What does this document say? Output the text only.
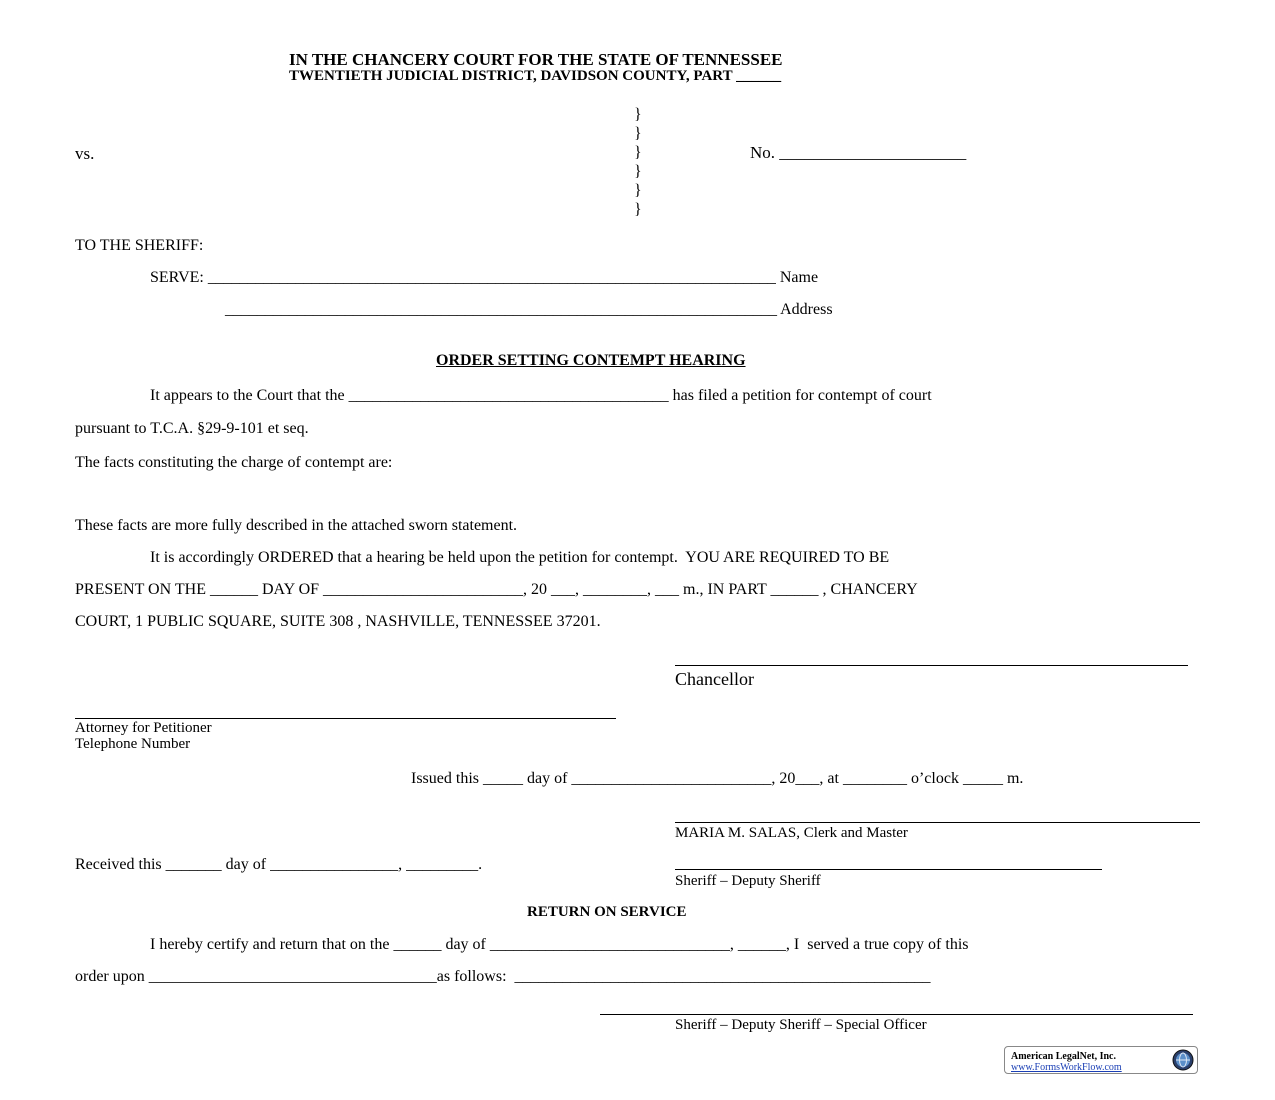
IN THE CHANCERY COURT FOR THE STATE OF TENNESSEE
TWENTIETH JUDICIAL DISTRICT, DAVIDSON COUNTY, PART ______
}
}
}
}
}
}
vs.	No. ______________________
TO THE SHERIFF:
SERVE: _______________________________________________________________________ Name
_____________________________________________________________________ Address
ORDER SETTING CONTEMPT HEARING
It appears to the Court that the ________________________________________ has filed a petition for contempt of court
pursuant to T.C.A. §29-9-101 et seq.
The facts constituting the charge of contempt are:
These facts are more fully described in the attached sworn statement.
It is accordingly ORDERED that a hearing be held upon the petition for contempt.  YOU ARE REQUIRED TO BE
PRESENT ON THE ______ DAY OF _________________________, 20 ___, ________, ___ m., IN PART ______ , CHANCERY
COURT, 1 PUBLIC SQUARE, SUITE 308 , NASHVILLE, TENNESSEE 37201.
Chancellor
Attorney for Petitioner
Telephone Number
Issued this _____ day of _________________________, 20___, at ________ o’clock _____ m.
MARIA M. SALAS, Clerk and Master
Received this _______ day of ________________, _________.
Sheriff – Deputy Sheriff
RETURN ON SERVICE
I hereby certify and return that on the ______ day of ______________________________, ______, I  served a true copy of this
order upon ____________________________________as follows:  ____________________________________________________
Sheriff – Deputy Sheriff – Special Officer
American LegalNet, Inc.
www.FormsWorkFlow.com
